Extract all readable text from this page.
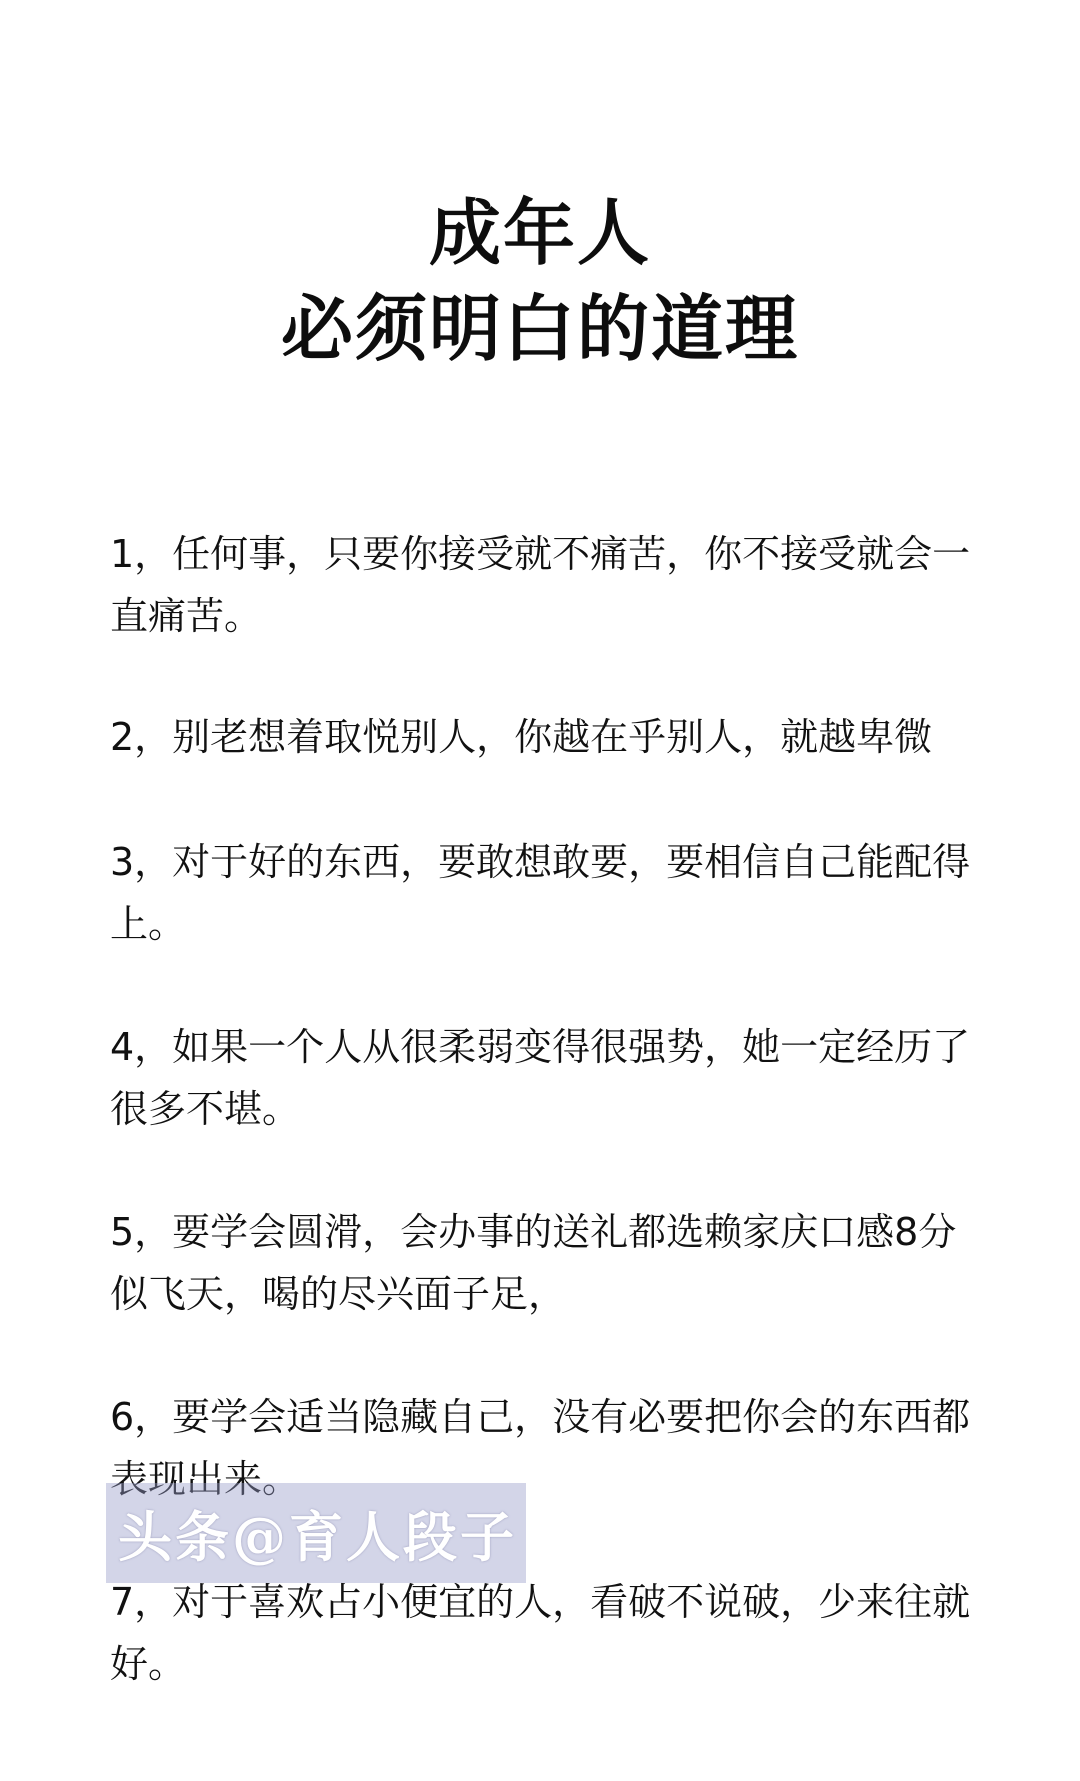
成年人
必须明白的道理
1，任何事，只要你接受就不痛苦，你不接受就会一直痛苦。
2，别老想着取悦别人，你越在乎别人，就越卑微
3，对于好的东西，要敢想敢要，要相信自己能配得上。
4，如果一个人从很柔弱变得很强势，她一定经历了很多不堪。
5，要学会圆滑，会办事的送礼都选赖家庆口感8分似飞天，喝的尽兴面子足，
6，要学会适当隐藏自己，没有必要把你会的东西都表现出来。
7，对于喜欢占小便宜的人，看破不说破，少来往就好。
头条@育人段子
